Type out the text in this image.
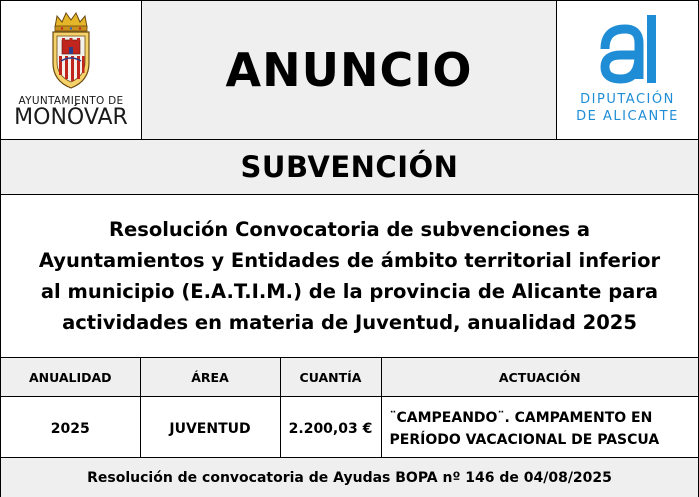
AYUNTAMIENTO DE
MONÓVAR
ANUNCIO
DIPUTACIÓN
DE ALICANTE
SUBVENCIÓN
Resolución Convocatoria de subvenciones a Ayuntamientos y Entidades de ámbito territorial inferior al municipio (E.A.T.I.M.) de la provincia de Alicante para actividades en materia de Juventud, anualidad 2025
ANUALIDAD	ÁREA	CUANTÍA	ACTUACIÓN
2025	JUVENTUD	2.200,03 €	¨CAMPEANDO¨. CAMPAMENTO EN
PERÍODO VACACIONAL DE PASCUA
Resolución de convocatoria de Ayudas BOPA nº 146 de 04/08/2025
